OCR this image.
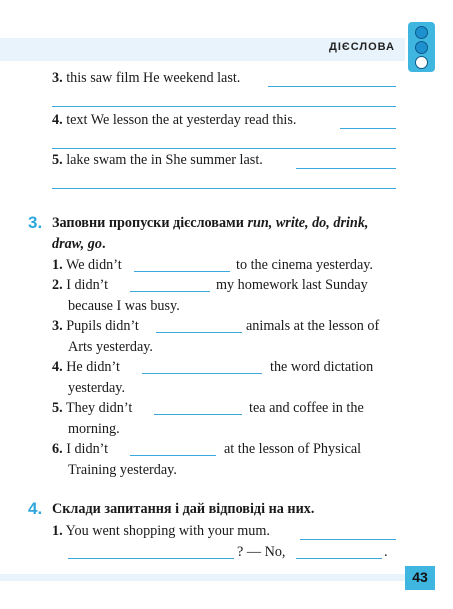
ДІЄСЛОВА
3. this saw film He weekend last.
4. text We lesson the at yesterday read this.
5. lake swam the in She summer last.
3. Заповни пропуски дієсловами run, write, do, drink,
draw, go.
1. We didn’t	to the cinema yesterday.
2. I didn’t	my homework last Sunday
because I was busy.
3. Pupils didn’t	animals at the lesson of
Arts yesterday.
4. He didn’t	the word dictation
yesterday.
5. They didn’t	tea and coffee in the
morning.
6. I didn’t	at the lesson of Physical
Training yesterday.
4. Склади запитання і дай відповіді на них.
1. You went shopping with your mum.
? — No,	.
43
